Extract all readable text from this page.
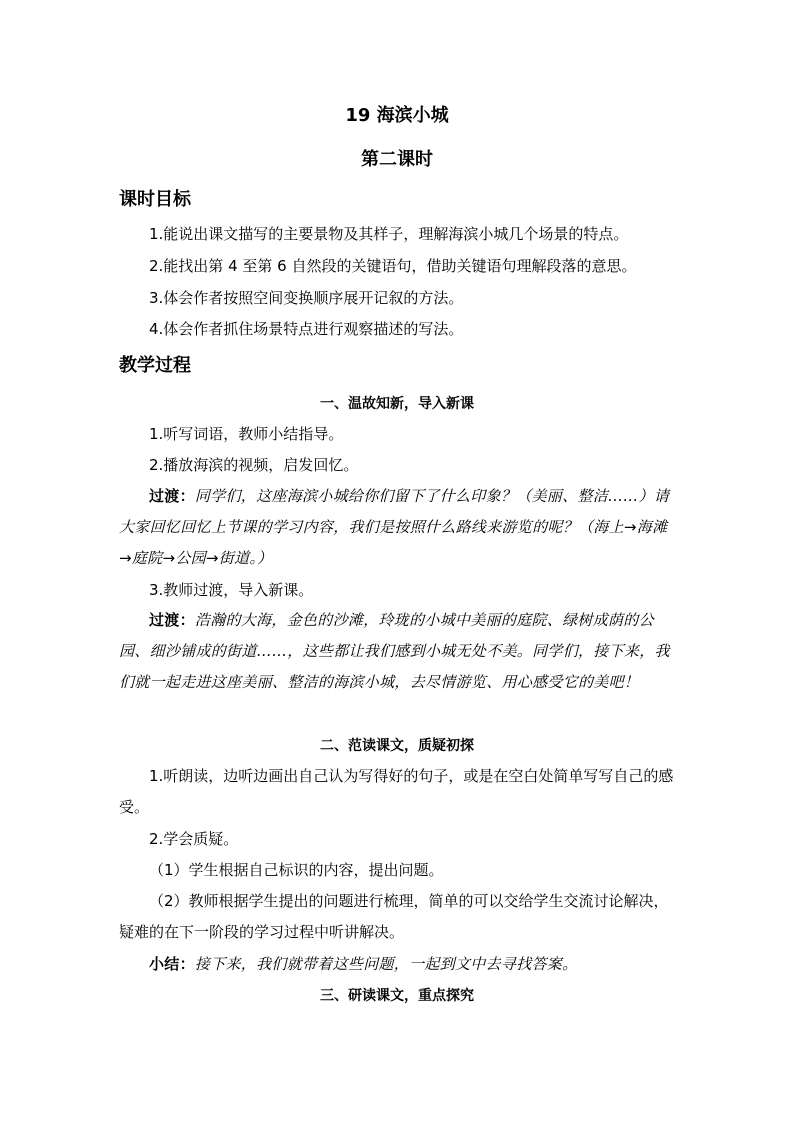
19 海滨小城
第二课时
课时目标

1.能说出课文描写的主要景物及其样子，理解海滨小城几个场景的特点。

2.能找出第 4 至第 6 自然段的关键语句，借助关键语句理解段落的意思。

3.体会作者按照空间变换顺序展开记叙的方法。

4.体会作者抓住场景特点进行观察描述的写法。

教学过程
一、温故知新，导入新课

1.听写词语，教师小结指导。

2.播放海滨的视频，启发回忆。

过渡：同学们，这座海滨小城给你们留下了什么印象？（美丽、整洁……）请大家回忆回忆上节课的学习内容，我们是按照什么路线来游览的呢？（海上→海滩→庭院→公园→街道。）

3.教师过渡，导入新课。

过渡：浩瀚的大海，金色的沙滩，玲珑的小城中美丽的庭院、绿树成荫的公园、细沙铺成的街道……，这些都让我们感到小城无处不美。同学们，接下来，我们就一起走进这座美丽、整洁的海滨小城，去尽情游览、用心感受它的美吧！

二、范读课文，质疑初探

1.听朗读，边听边画出自己认为写得好的句子，或是在空白处简单写写自己的感受。

2.学会质疑。

（1）学生根据自己标识的内容，提出问题。

（2）教师根据学生提出的问题进行梳理，简单的可以交给学生交流讨论解决，疑难的在下一阶段的学习过程中听讲解决。

小结：接下来，我们就带着这些问题，一起到文中去寻找答案。

三、研读课文，重点探究
